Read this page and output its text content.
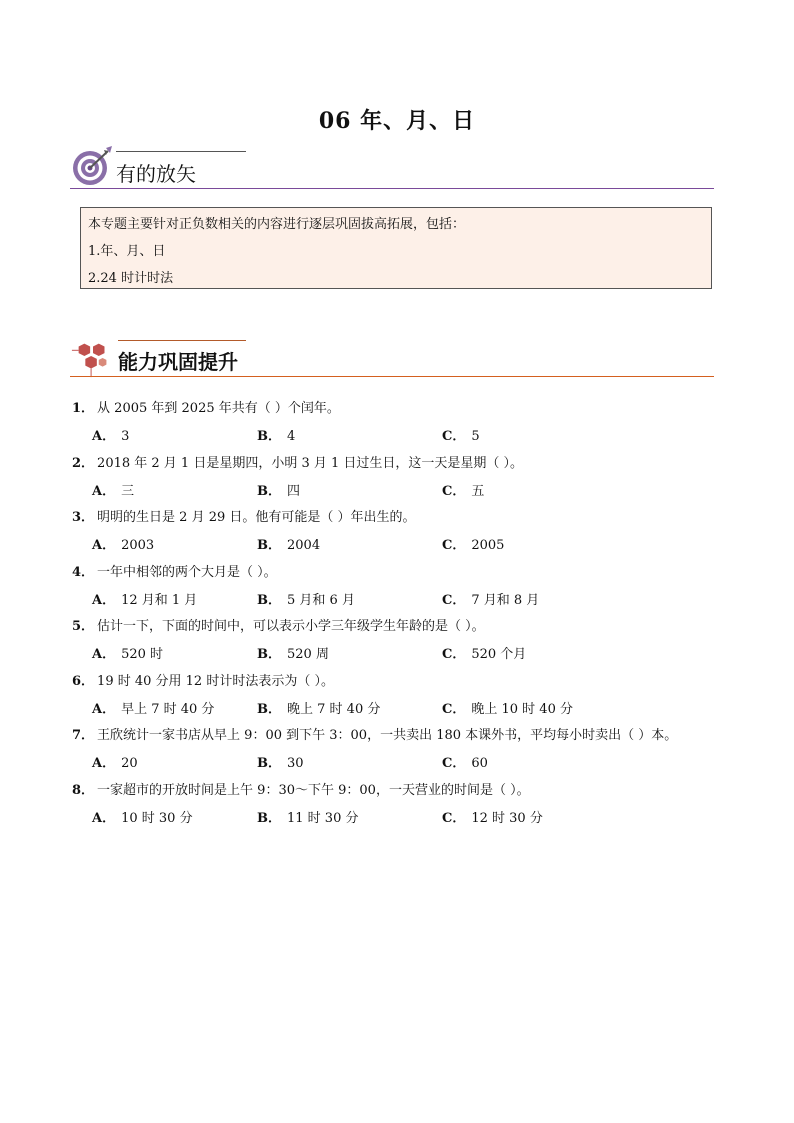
06 年、月、日
有的放矢
本专题主要针对正负数相关的内容进行逐层巩固拔高拓展，包括：
1.年、月、日
2.24 时计时法
能力巩固提升
1． 从 2005 年到 2025 年共有（ ）个闰年。
A． 3	B． 4	C． 5
2． 2018 年 2 月 1 日是星期四，小明 3 月 1 日过生日，这一天是星期（ ）。
A． 三	B． 四	C． 五
3． 明明的生日是 2 月 29 日。他有可能是（ ）年出生的。
A． 2003	B． 2004	C． 2005
4． 一年中相邻的两个大月是（ ）。
A． 12 月和 1 月	B． 5 月和 6 月	C． 7 月和 8 月
5． 估计一下，下面的时间中，可以表示小学三年级学生年龄的是（ ）。
A． 520 时	B． 520 周	C． 520 个月
6． 19 时 40 分用 12 时计时法表示为（ ）。
A． 早上 7 时 40 分	B． 晚上 7 时 40 分	C． 晚上 10 时 40 分
7． 王欣统计一家书店从早上 9：00 到下午 3：00，一共卖出 180 本课外书，平均每小时卖出（ ）本。
A． 20	B． 30	C． 60
8． 一家超市的开放时间是上午 9：30～下午 9：00，一天营业的时间是（ ）。
A． 10 时 30 分	B． 11 时 30 分	C． 12 时 30 分
